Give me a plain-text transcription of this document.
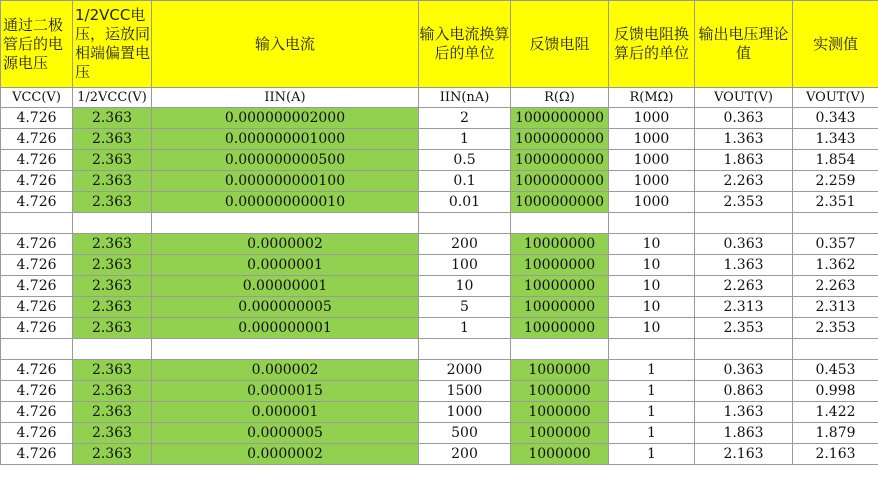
通过二极管后的电源电压	1/2VCC电压，运放同相端偏置电压	输入电流	输入电流换算后的单位	反馈电阻	反馈电阻换算后的单位	输出电压理论值	实测值
VCC(V)	1/2VCC(V)	IIN(A)	IIN(nA)	R(Ω)	R(MΩ)	VOUT(V)	VOUT(V)
4.726	2.363	0.000000002000	2	1000000000	1000	0.363	0.343
4.726	2.363	0.000000001000	1	1000000000	1000	1.363	1.343
4.726	2.363	0.000000000500	0.5	1000000000	1000	1.863	1.854
4.726	2.363	0.000000000100	0.1	1000000000	1000	2.263	2.259
4.726	2.363	0.000000000010	0.01	1000000000	1000	2.353	2.351

4.726	2.363	0.0000002	200	10000000	10	0.363	0.357
4.726	2.363	0.0000001	100	10000000	10	1.363	1.362
4.726	2.363	0.00000001	10	10000000	10	2.263	2.263
4.726	2.363	0.000000005	5	10000000	10	2.313	2.313
4.726	2.363	0.000000001	1	10000000	10	2.353	2.353

4.726	2.363	0.000002	2000	1000000	1	0.363	0.453
4.726	2.363	0.0000015	1500	1000000	1	0.863	0.998
4.726	2.363	0.000001	1000	1000000	1	1.363	1.422
4.726	2.363	0.0000005	500	1000000	1	1.863	1.879
4.726	2.363	0.0000002	200	1000000	1	2.163	2.163
